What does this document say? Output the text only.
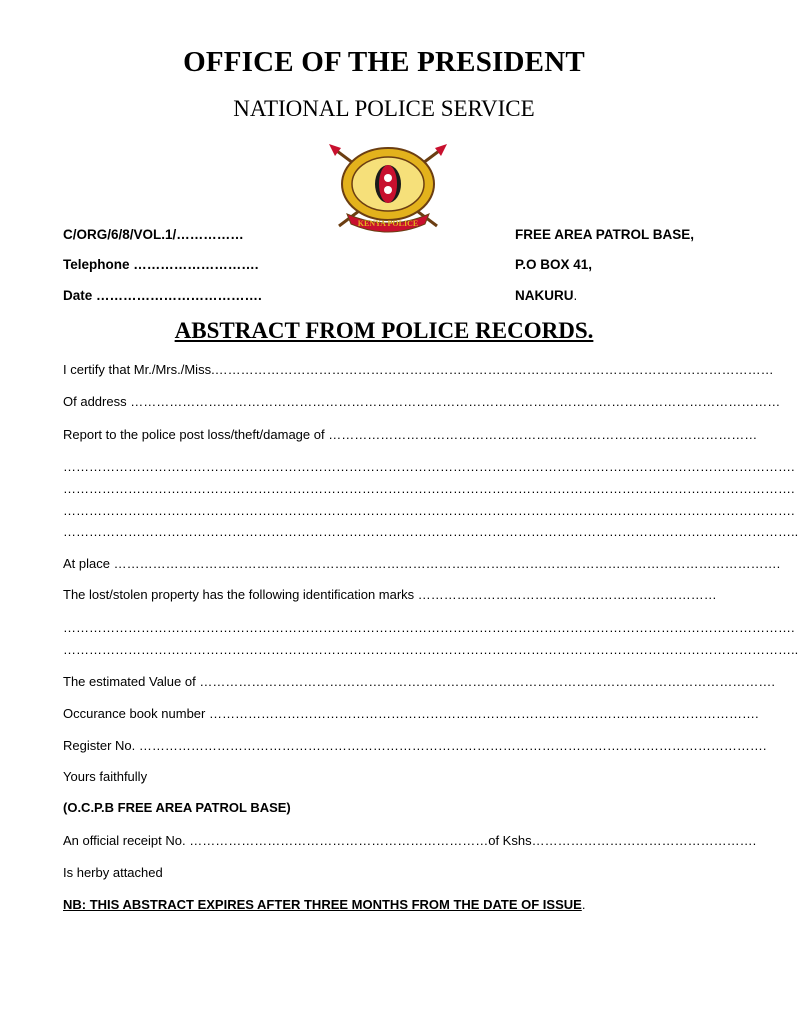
OFFICE OF THE PRESIDENT
NATIONAL POLICE SERVICE
KENYA POLICE
C/ORG/6/8/VOL.1/……………
Telephone ……………………….
Date ……………………………….
FREE AREA PATROL BASE,
P.O BOX 41,
NAKURU.
ABSTRACT FROM POLICE RECORDS.
I certify that Mr./Mrs./Miss.…………………………………………………………………………………………………………………
Of address ……………………………………………………………………………………………………………………………………
Report to the police post loss/theft/damage of ………………………………………………………………………………………
…………………………………………………………………………………………………………………………………………………….
…………………………………………………………………………………………………………………………………………………….
…………………………………………………………………………………………………………………………………………………….
……………………………………………………………………………………………………………………………………………………..
At place ……………………………………………………………………………………………………………………………………….
The lost/stolen property has the following identification marks ……………………………………………………………
…………………………………………………………………………………………………………………………………………………….
……………………………………………………………………………………………………………………………………………………..
The estimated Value of …………………………………………………………………………………………………………………….
Occurance book number ……………………………………………………………………………………………………………….
Register No. ……………………………………………………………………………………………………………………………….
Yours faithfully
(O.C.P.B FREE AREA PATROL BASE)
An official receipt No. ……………………………………………………………of Kshs…………………………………………….
Is herby attached
NB: THIS ABSTRACT EXPIRES AFTER THREE MONTHS FROM THE DATE OF ISSUE.
